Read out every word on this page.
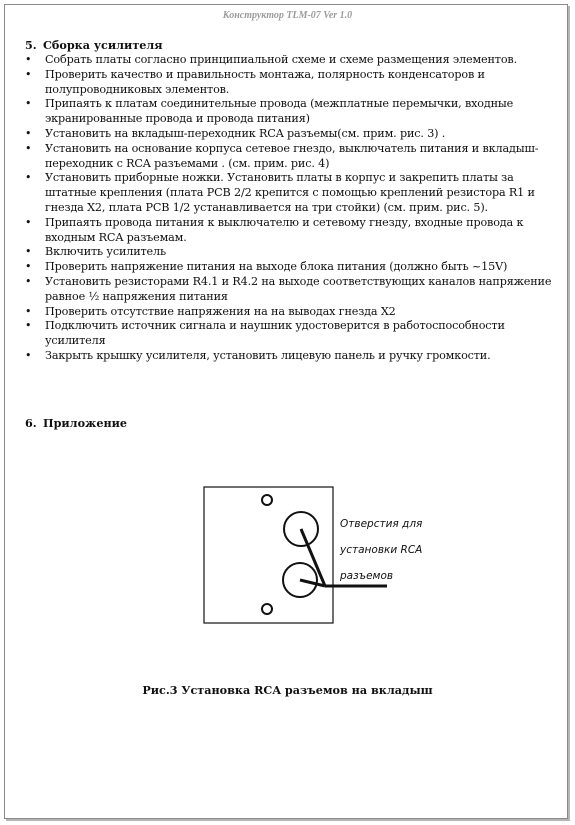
Конструктор TLM-07 Ver 1.0
5. Сборка усилителя
• Собрать платы согласно принципиальной схеме и схеме размещения элементов.
• Проверить качество и правильность монтажа, полярность конденсаторов и полупроводниковых элементов.
• Припаять к платам соединительные провода (межплатные перемычки, входные экранированные провода и провода питания)
• Установить на вкладыш-переходник RCA разъемы(см. прим. рис. 3) .
• Установить на основание корпуса сетевое гнездо, выключатель питания и вкладыш-переходник с RCA разъемами . (см. прим. рис. 4)
• Установить приборные ножки. Установить платы в корпус и закрепить платы за штатные крепления (плата PCB 2/2 крепится с помощью креплений резистора R1 и гнезда X2, плата PCB 1/2 устанавливается на три стойки) (см. прим. рис. 5).
• Припаять провода питания к выключателю и сетевому гнезду, входные провода к входным RCA разъемам.
• Включить усилитель
• Проверить напряжение питания на выходе блока питания (должно быть ~15V)
• Установить резисторами R4.1 и R4.2 на выходе соответствующих каналов напряжение равное ½ напряжения питания
• Проверить отсутствие напряжения на на выводах гнезда X2
• Подключить источник сигнала и наушник удостоверится в работоспособности усилителя
• Закрыть крышку усилителя, установить лицевую панель и ручку громкости.
6. Приложение
Отверстия для
установки RCA
разъемов
Рис.3 Установка RCA разъемов на вкладыш
